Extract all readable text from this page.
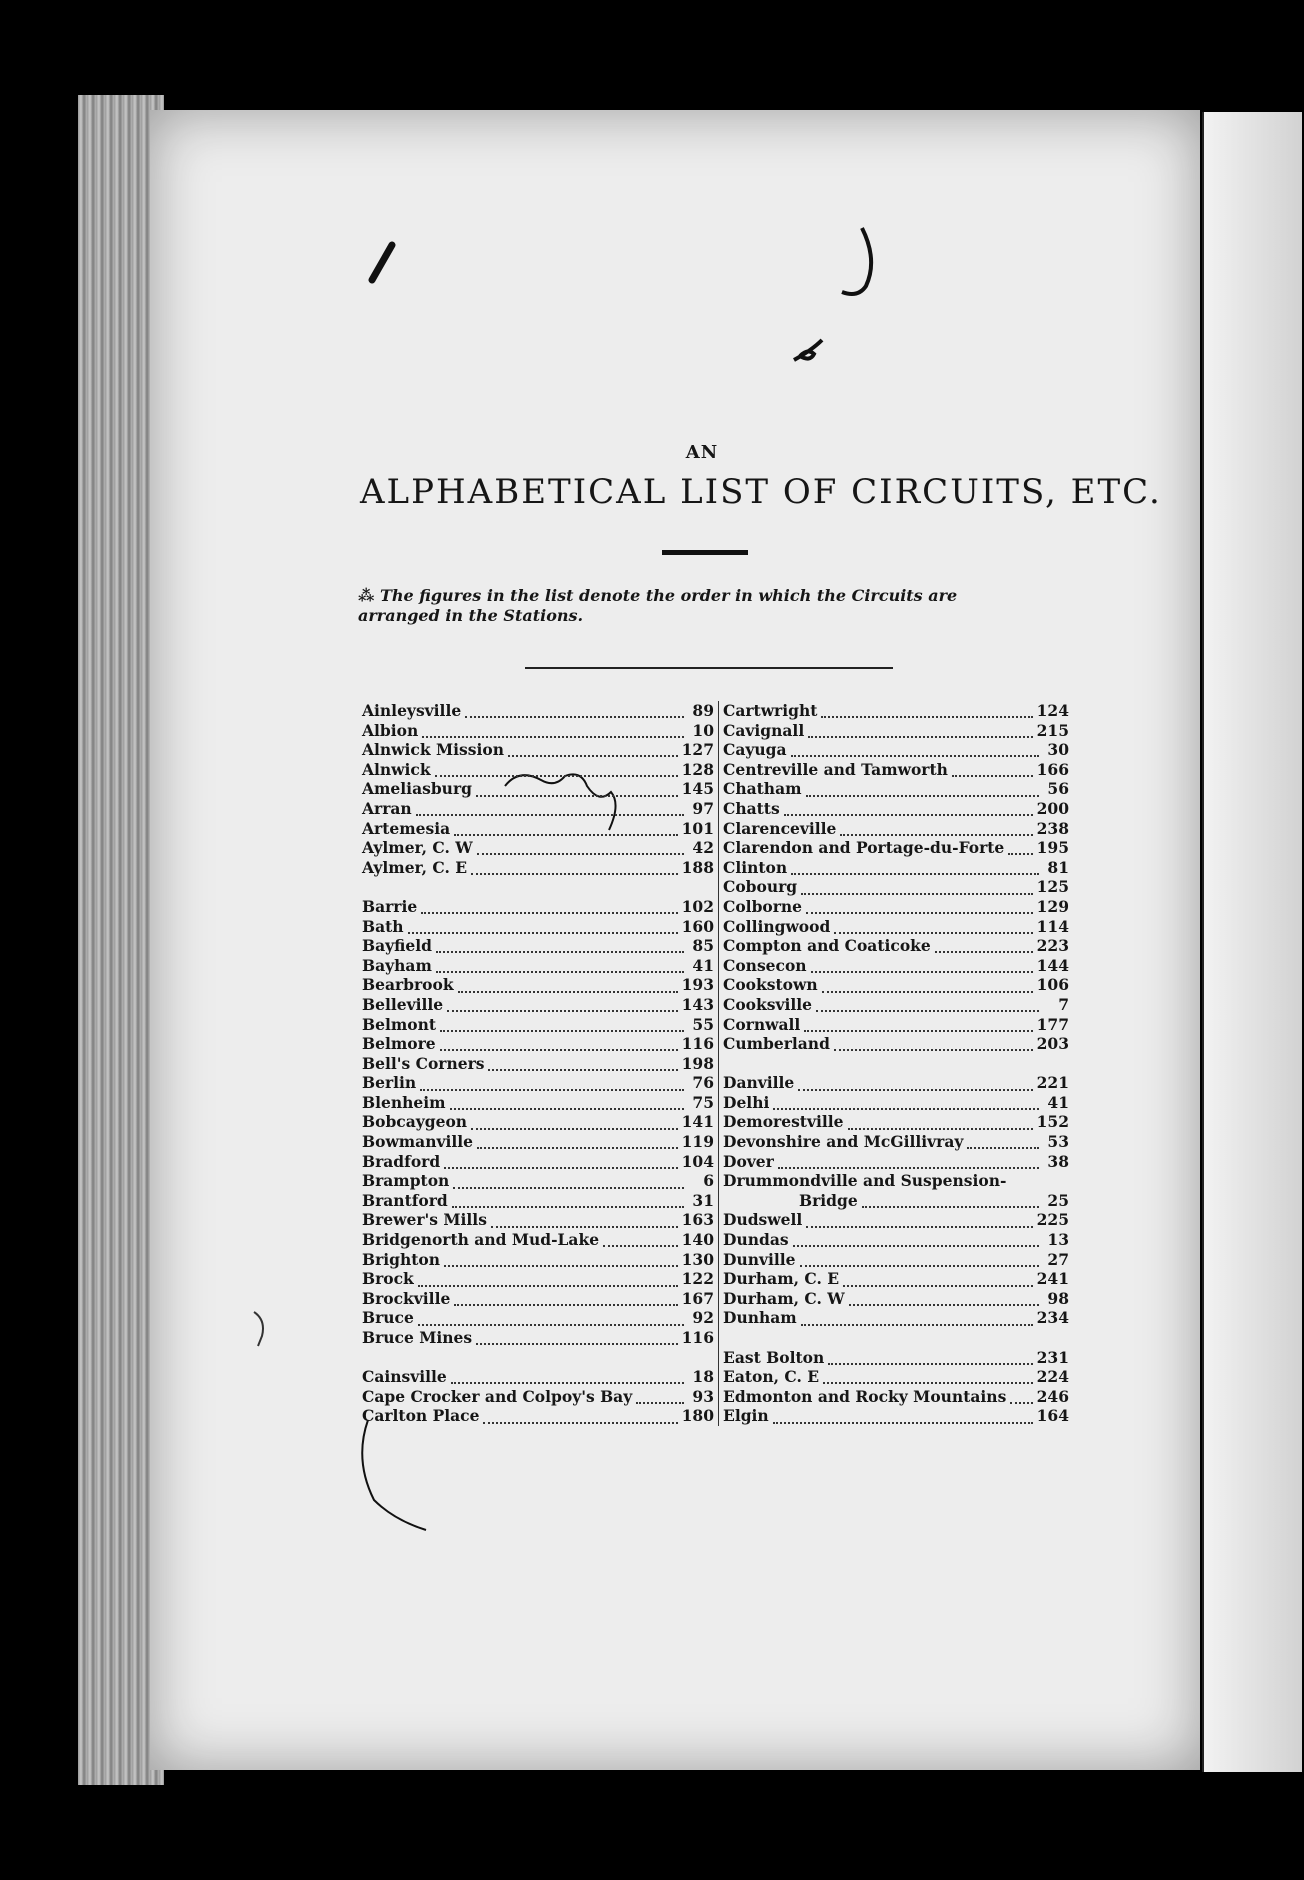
AN
ALPHABETICAL LIST OF CIRCUITS, ETC.
⁂ The figures in the list denote the order in which the Circuits are
arranged in the Stations.
Ainleysville	89
Albion	10
Alnwick Mission	127
Alnwick	128
Ameliasburg	145
Arran	97
Artemesia	101
Aylmer, C. W	42
Aylmer, C. E	188
Barrie	102
Bath	160
Bayfield	85
Bayham	41
Bearbrook	193
Belleville	143
Belmont	55
Belmore	116
Bell's Corners	198
Berlin	76
Blenheim	75
Bobcaygeon	141
Bowmanville	119
Bradford	104
Brampton	6
Brantford	31
Brewer's Mills	163
Bridgenorth and Mud-Lake	140
Brighton	130
Brock	122
Brockville	167
Bruce	92
Bruce Mines	116
Cainsville	18
Cape Crocker and Colpoy's Bay	93
Carlton Place	180
Cartwright	124
Cavignall	215
Cayuga	30
Centreville and Tamworth	166
Chatham	56
Chatts	200
Clarenceville	238
Clarendon and Portage-du-Forte 195
Clinton	81
Cobourg	125
Colborne	129
Collingwood	114
Compton and Coaticoke	223
Consecon	144
Cookstown	106
Cooksville	7
Cornwall	177
Cumberland	203
Danville	221
Delhi	41
Demorestville	152
Devonshire and McGillivray	53
Dover	38
Drummondville and Suspension-
Bridge	25
Dudswell	225
Dundas	13
Dunville	27
Durham, C. E	241
Durham, C. W	98
Dunham	234
East Bolton	231
Eaton, C. E	224
Edmonton and Rocky Mountains 246
Elgin	164
